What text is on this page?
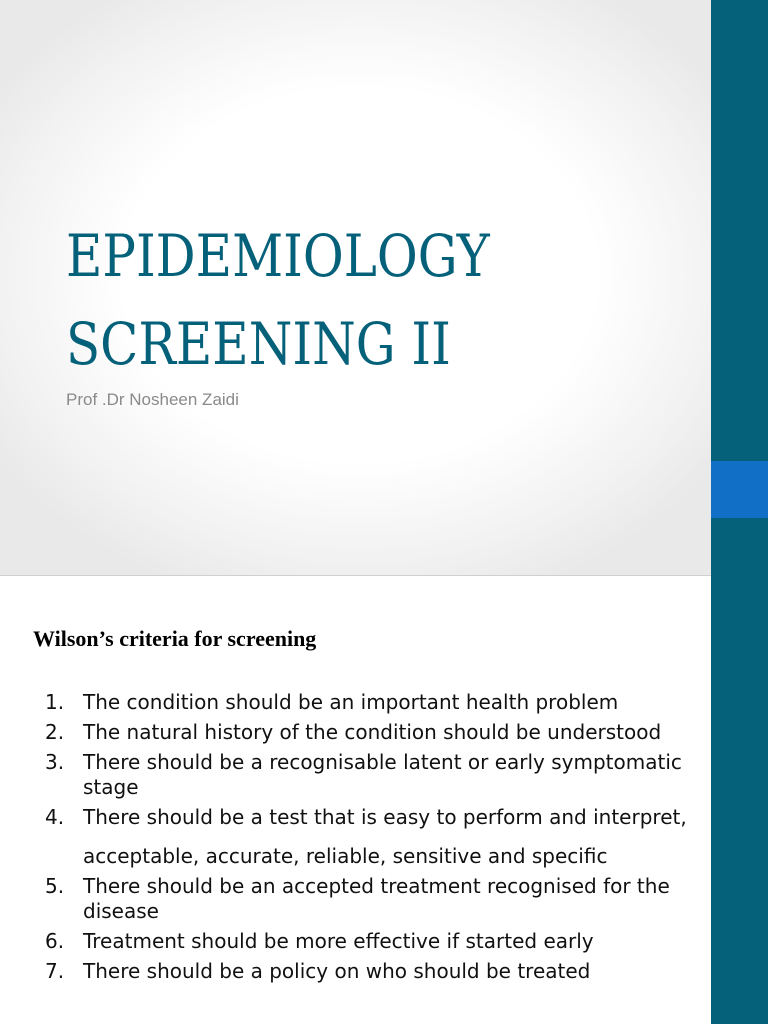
EPIDEMIOLOGY
SCREENING II

Prof .Dr Nosheen Zaidi

Wilson’s criteria for screening
1. The condition should be an important health problem
2. The natural history of the condition should be understood
3. There should be a recognisable latent or early symptomatic stage
4. There should be a test that is easy to perform and interpret, acceptable, accurate, reliable, sensitive and specific
5. There should be an accepted treatment recognised for the disease
6. Treatment should be more effective if started early
7. There should be a policy on who should be treated
